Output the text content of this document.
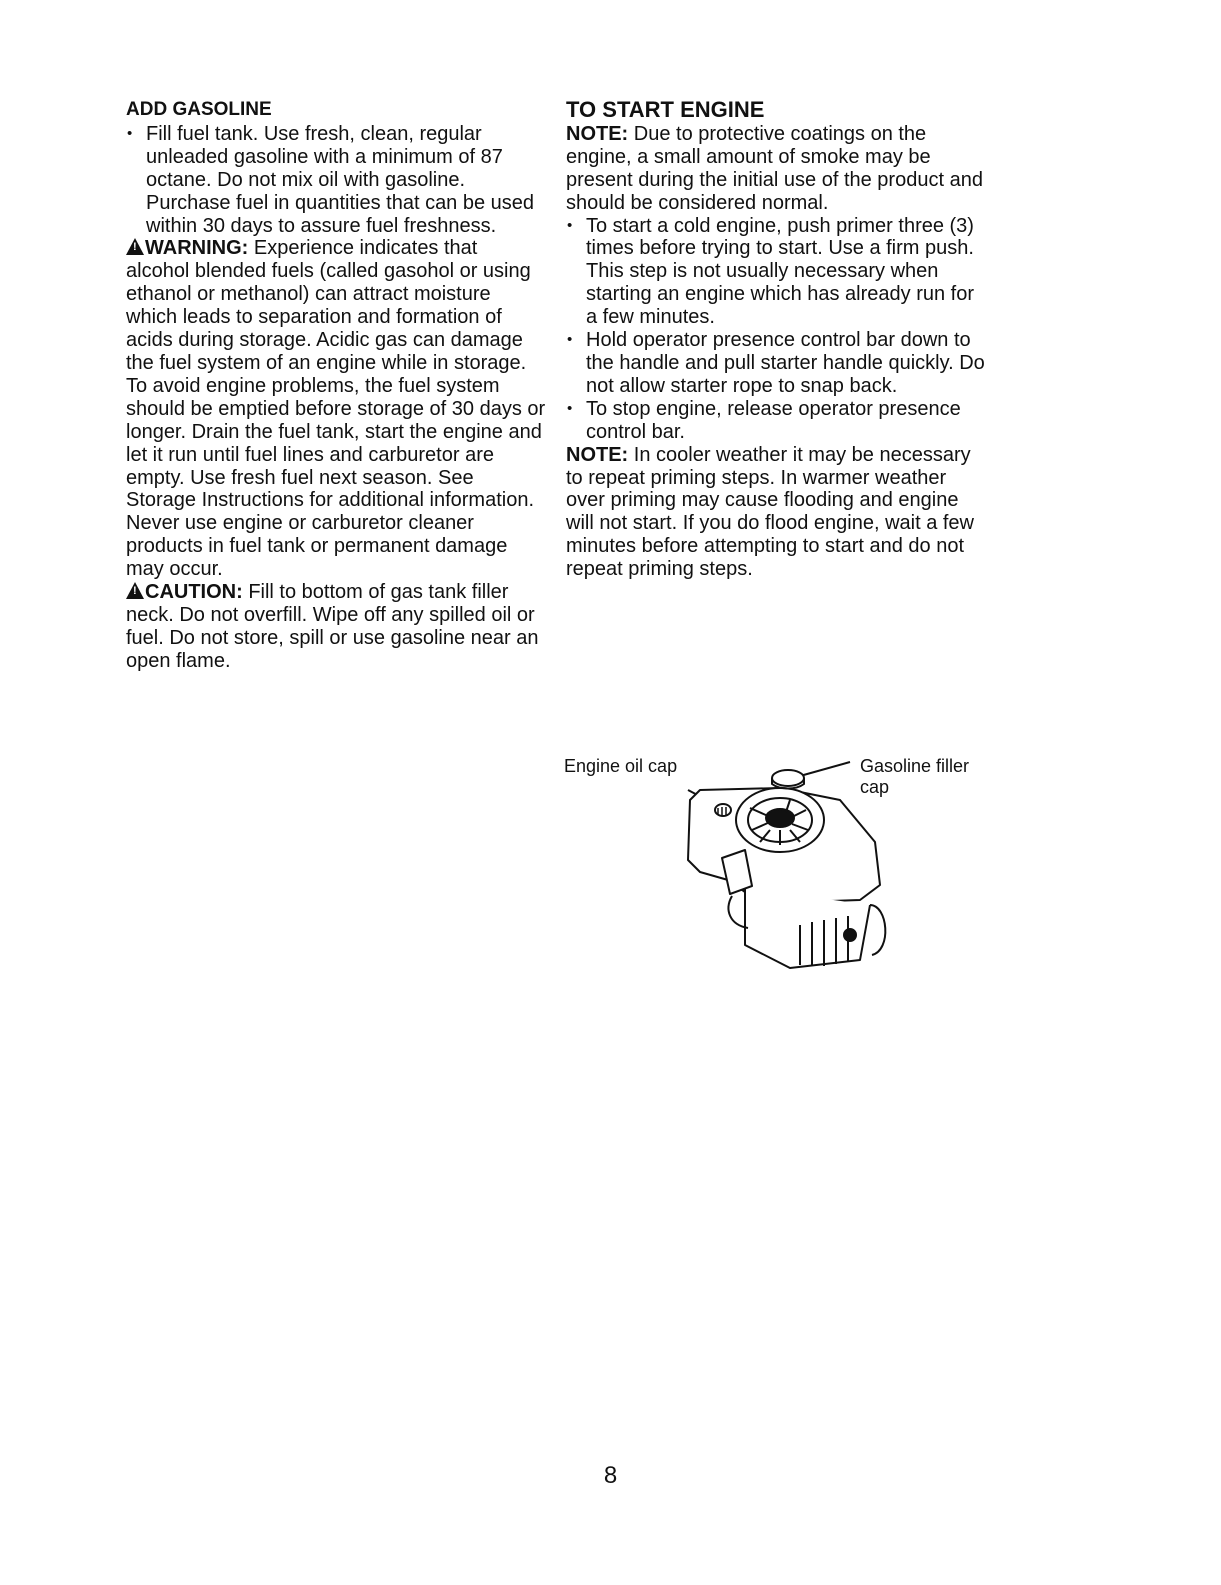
ADD GASOLINE
• Fill fuel tank. Use fresh, clean, regular unleaded gasoline with a minimum of 87 octane. Do not mix oil with gasoline. Purchase fuel in quantities that can be used within 30 days to assure fuel freshness.

!WARNING: Experience indicates that alcohol blended fuels (called gasohol or using ethanol or methanol) can attract moisture which leads to separation and formation of acids during storage. Acidic gas can damage the fuel system of an engine while in storage. To avoid engine problems, the fuel system should be emptied before storage of 30 days or longer. Drain the fuel tank, start the engine and let it run until fuel lines and carburetor are empty. Use fresh fuel next season. See Storage Instructions for additional information. Never use engine or carburetor cleaner products in fuel tank or permanent damage may occur.

!CAUTION: Fill to bottom of gas tank filler neck. Do not overfill. Wipe off any spilled oil or fuel. Do not store, spill or use gasoline near an open flame.

TO START ENGINE

NOTE: Due to protective coatings on the engine, a small amount of smoke may be present during the initial use of the product and should be considered normal.

• To start a cold engine, push primer three (3) times before trying to start. Use a firm push. This step is not usually necessary when starting an engine which has already run for a few minutes.
• Hold operator presence control bar down to the handle and pull starter handle quickly. Do not allow starter rope to snap back.
• To stop engine, release operator presence control bar.

NOTE: In cooler weather it may be necessary to repeat priming steps. In warmer weather over priming may cause flooding and engine will not start. If you do flood engine, wait a few minutes before attempting to start and do not repeat priming steps.

Engine oil cap	Gasoline filler cap
8
